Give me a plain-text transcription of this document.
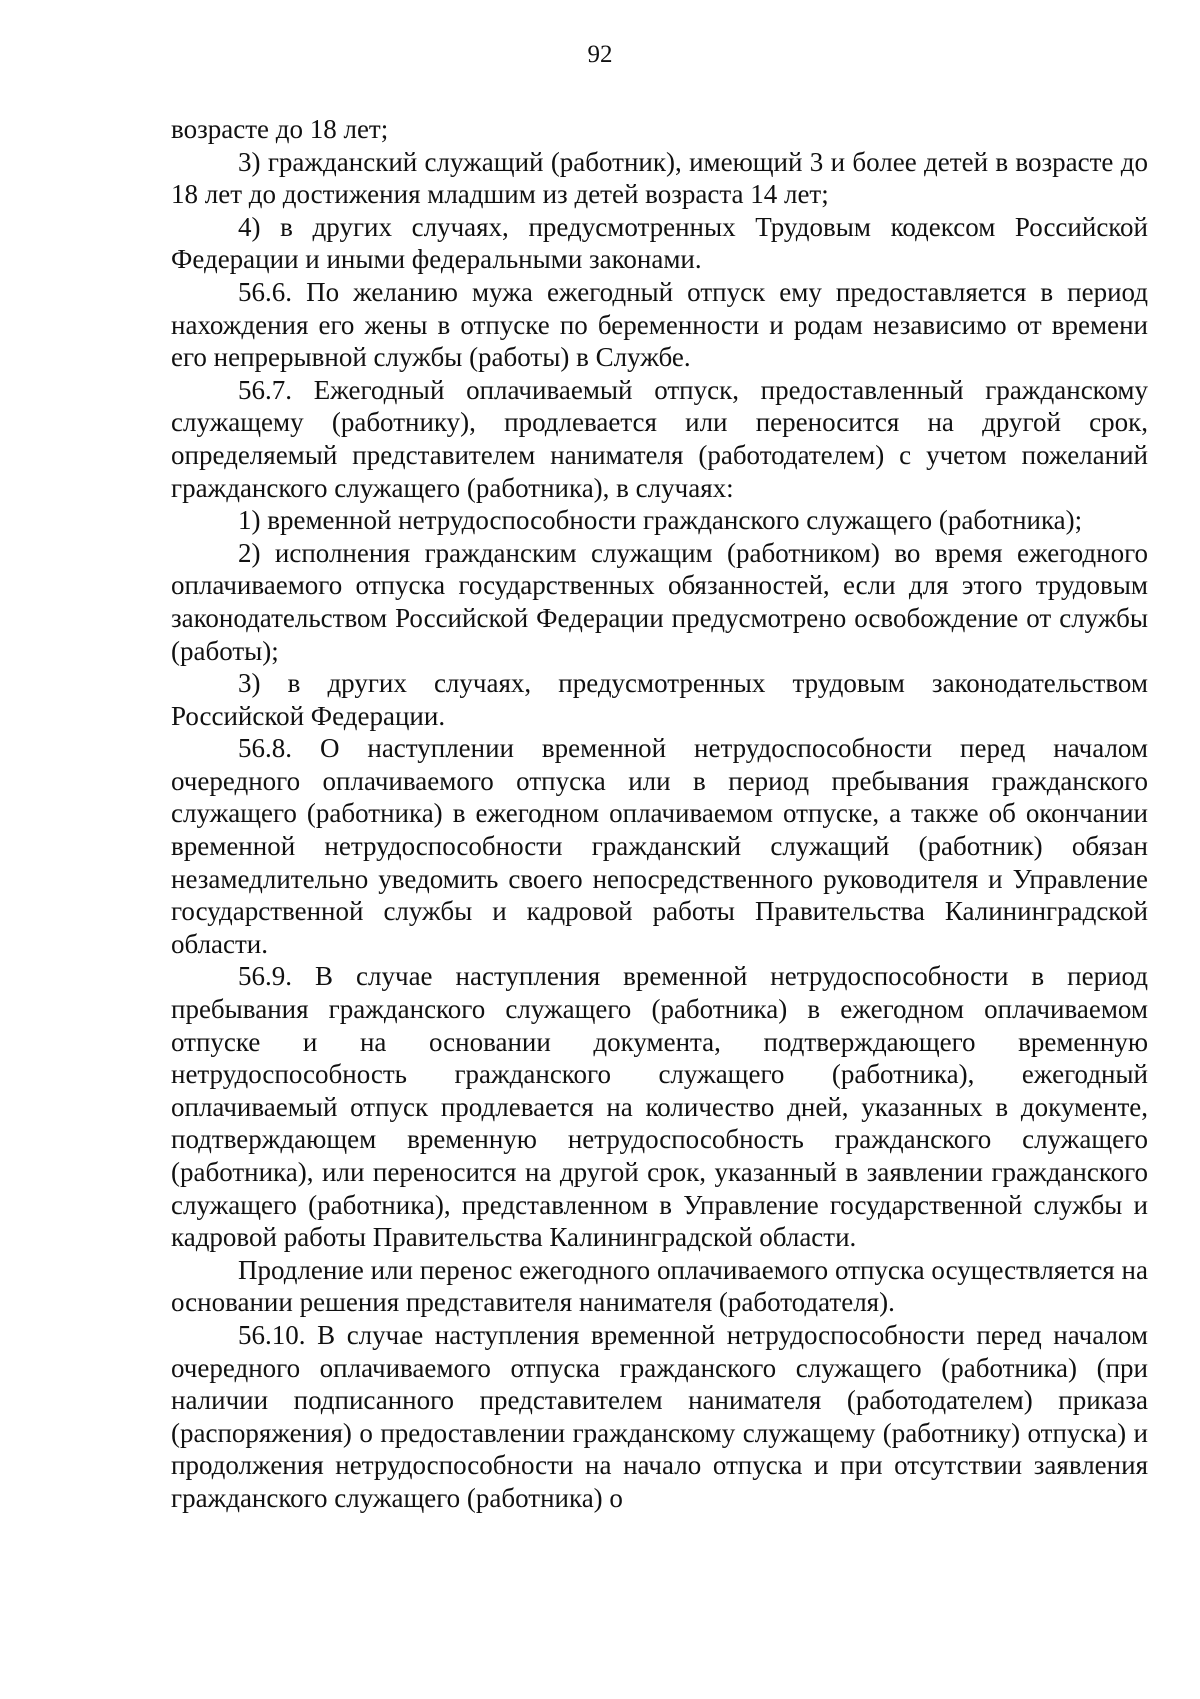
92

возрасте до 18 лет;

3) гражданский служащий (работник), имеющий 3 и более детей в возрасте до 18 лет до достижения младшим из детей возраста 14 лет;

4) в других случаях, предусмотренных Трудовым кодексом Российской Федерации и иными федеральными законами.

56.6. По желанию мужа ежегодный отпуск ему предоставляется в период нахождения его жены в отпуске по беременности и родам независимо от времени его непрерывной службы (работы) в Службе.

56.7. Ежегодный оплачиваемый отпуск, предоставленный гражданскому служащему (работнику), продлевается или переносится на другой срок, определяемый представителем нанимателя (работодателем) с учетом пожеланий гражданского служащего (работника), в случаях:

1) временной нетрудоспособности гражданского служащего (работника);

2) исполнения гражданским служащим (работником) во время ежегодного оплачиваемого отпуска государственных обязанностей, если для этого трудовым законодательством Российской Федерации предусмотрено освобождение от службы (работы);

3) в других случаях, предусмотренных трудовым законодательством Российской Федерации.

56.8. О наступлении временной нетрудоспособности перед началом очередного оплачиваемого отпуска или в период пребывания гражданского служащего (работника) в ежегодном оплачиваемом отпуске, а также об окончании временной нетрудоспособности гражданский служащий (работник) обязан незамедлительно уведомить своего непосредственного руководителя и Управление государственной службы и кадровой работы Правительства Калининградской области.

56.9. В случае наступления временной нетрудоспособности в период пребывания гражданского служащего (работника) в ежегодном оплачиваемом отпуске и на основании документа, подтверждающего временную нетрудоспособность гражданского служащего (работника), ежегодный оплачиваемый отпуск продлевается на количество дней, указанных в документе, подтверждающем временную нетрудоспособность гражданского служащего (работника), или переносится на другой срок, указанный в заявлении гражданского служащего (работника), представленном в Управление государственной службы и кадровой работы Правительства Калининградской области.

Продление или перенос ежегодного оплачиваемого отпуска осуществляется на основании решения представителя нанимателя (работодателя).

56.10. В случае наступления временной нетрудоспособности перед началом очередного оплачиваемого отпуска гражданского служащего (работника) (при наличии подписанного представителем нанимателя (работодателем) приказа (распоряжения) о предоставлении гражданскому служащему (работнику) отпуска) и продолжения нетрудоспособности на начало отпуска и при отсутствии заявления гражданского служащего (работника) о
